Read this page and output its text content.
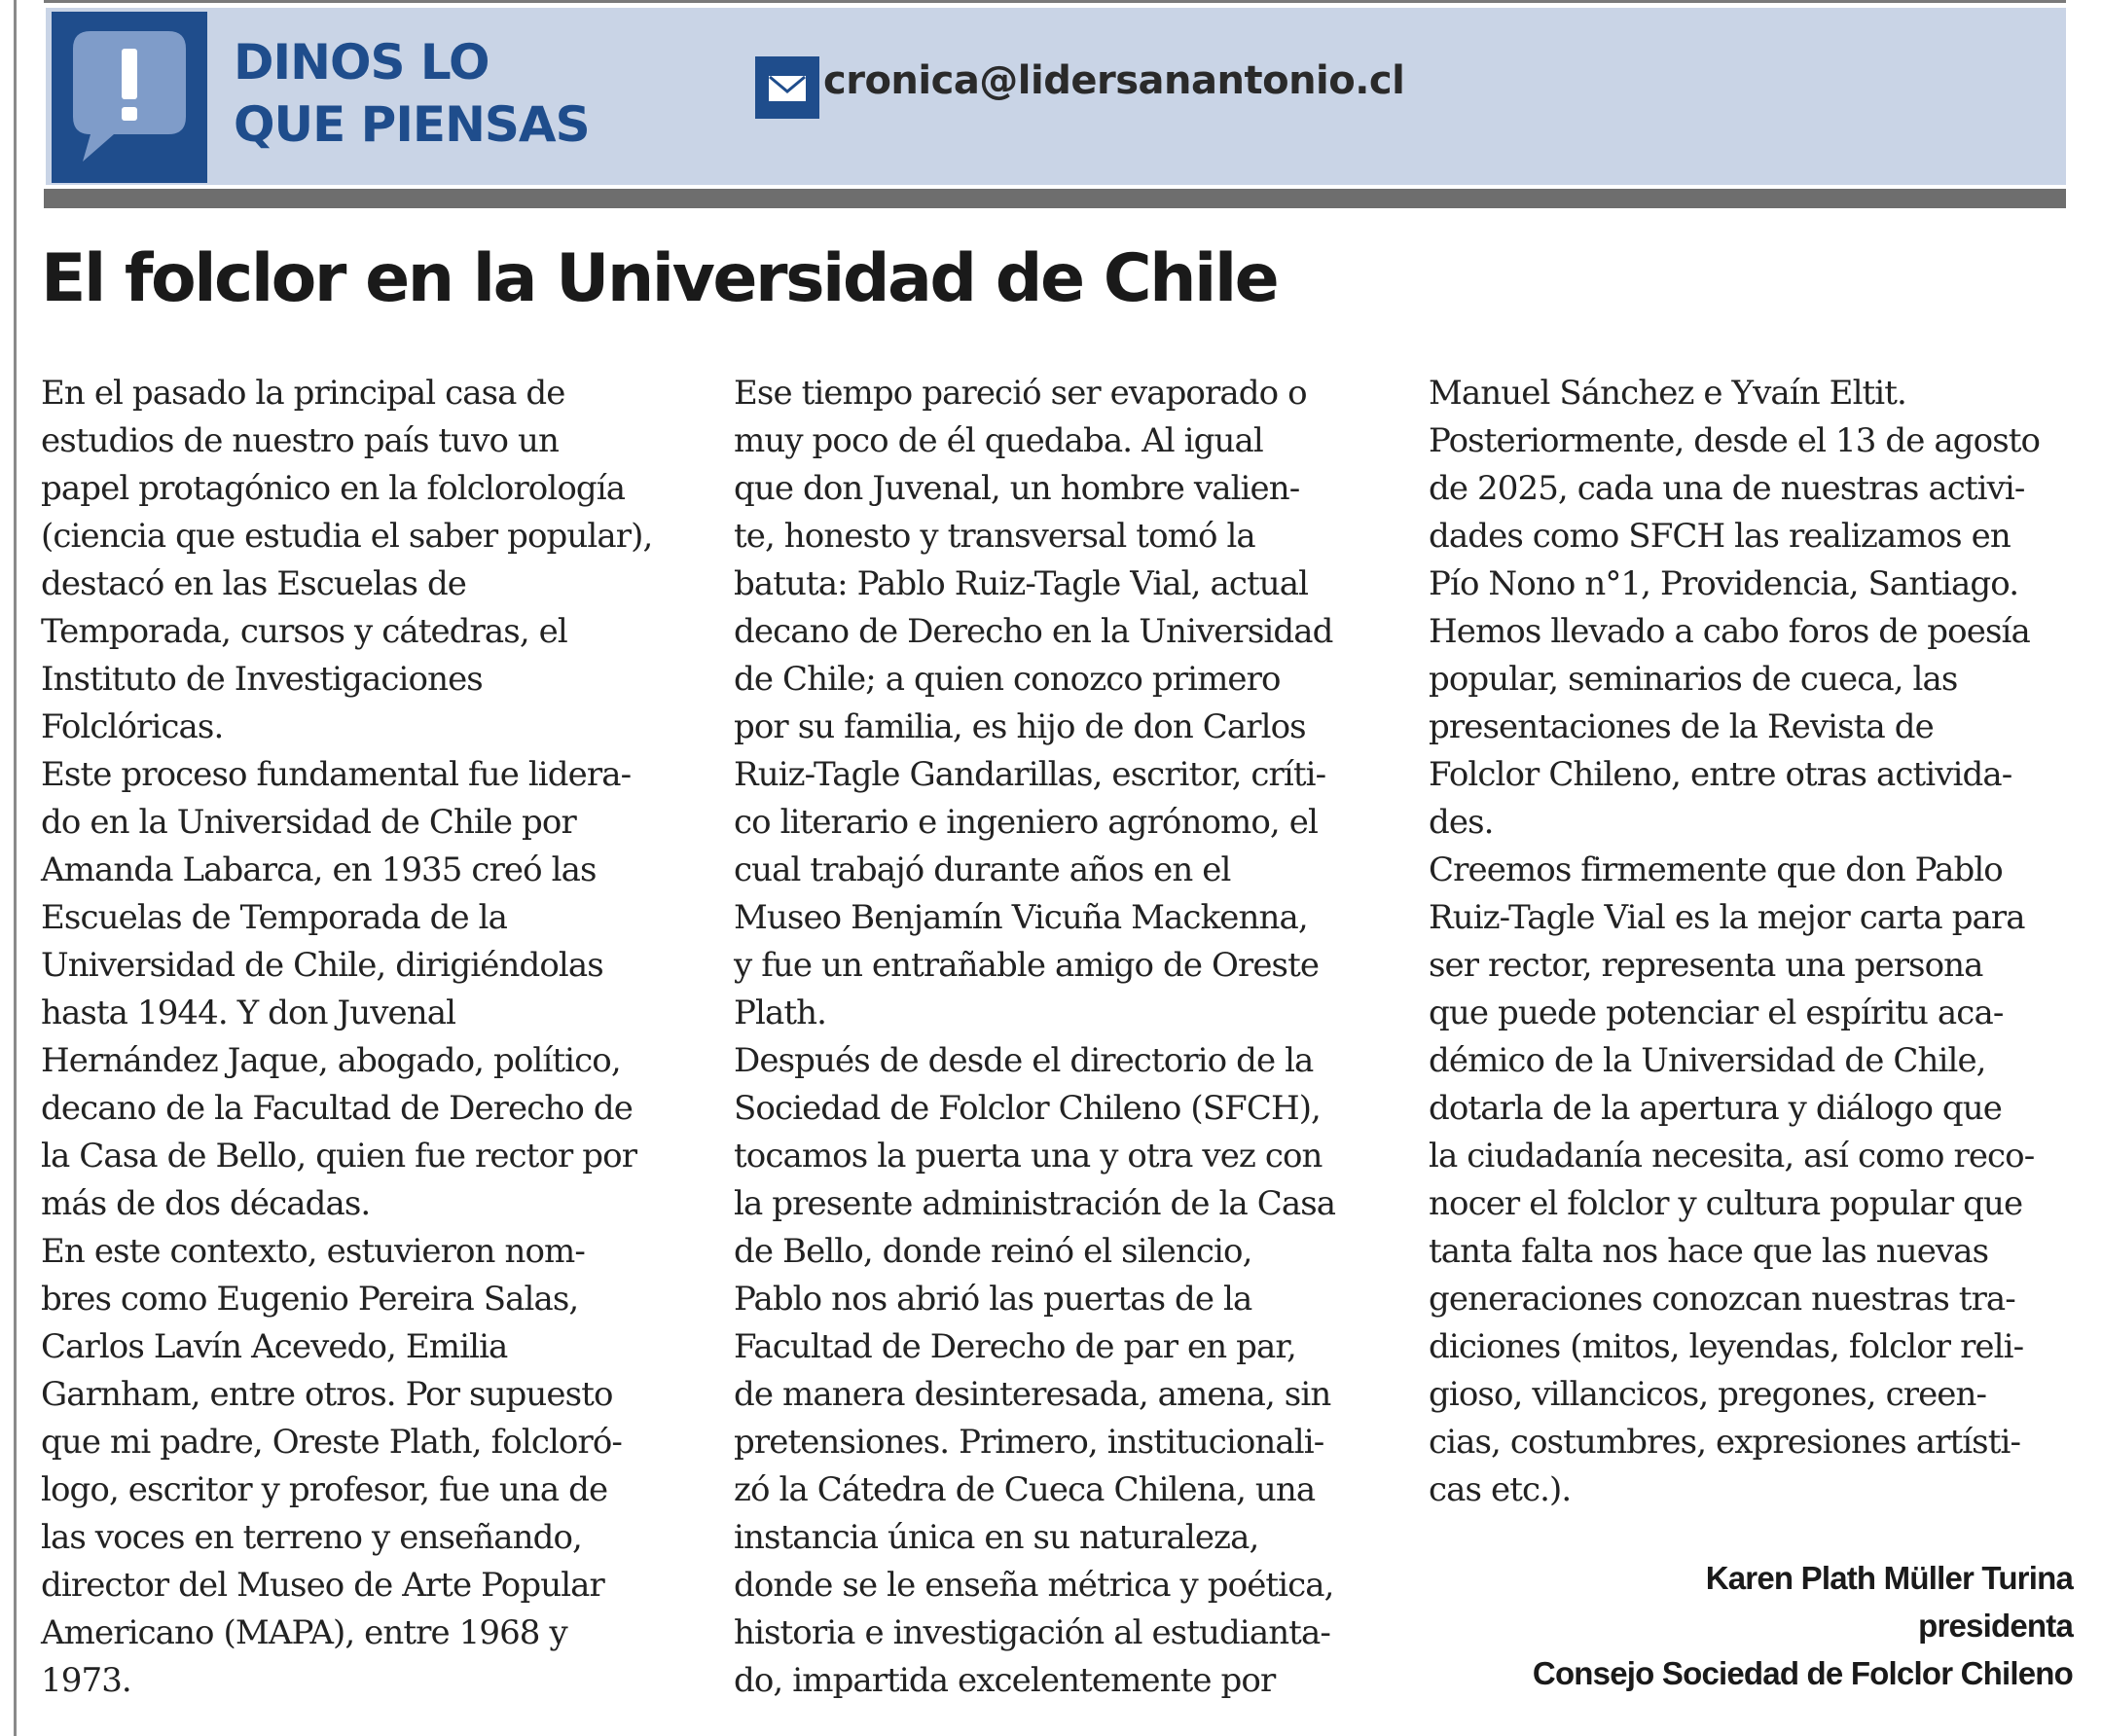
DINOS LO
QUE PIENSAS
cronica@lidersanantonio.cl
El folclor en la Universidad de Chile

En el pasado la principal casa de
estudios de nuestro país tuvo un
papel protagónico en la folclorología
(ciencia que estudia el saber popular),
destacó en las Escuelas de
Temporada, cursos y cátedras, el
Instituto de Investigaciones
Folclóricas.

Este proceso fundamental fue lidera-
do en la Universidad de Chile por
Amanda Labarca, en 1935 creó las
Escuelas de Temporada de la
Universidad de Chile, dirigiéndolas
hasta 1944. Y don Juvenal
Hernández Jaque, abogado, político,
decano de la Facultad de Derecho de
la Casa de Bello, quien fue rector por
más de dos décadas.

En este contexto, estuvieron nom-
bres como Eugenio Pereira Salas,
Carlos Lavín Acevedo, Emilia
Garnham, entre otros. Por supuesto
que mi padre, Oreste Plath, folcloró-
logo, escritor y profesor, fue una de
las voces en terreno y enseñando,
director del Museo de Arte Popular
Americano (MAPA), entre 1968 y
1973.

Ese tiempo pareció ser evaporado o
muy poco de él quedaba. Al igual
que don Juvenal, un hombre valien-
te, honesto y transversal tomó la
batuta: Pablo Ruiz-Tagle Vial, actual
decano de Derecho en la Universidad
de Chile; a quien conozco primero
por su familia, es hijo de don Carlos
Ruiz-Tagle Gandarillas, escritor, críti-
co literario e ingeniero agrónomo, el
cual trabajó durante años en el
Museo Benjamín Vicuña Mackenna,
y fue un entrañable amigo de Oreste
Plath.

Después de desde el directorio de la
Sociedad de Folclor Chileno (SFCH),
tocamos la puerta una y otra vez con
la presente administración de la Casa
de Bello, donde reinó el silencio,
Pablo nos abrió las puertas de la
Facultad de Derecho de par en par,
de manera desinteresada, amena, sin
pretensiones. Primero, institucionali-
zó la Cátedra de Cueca Chilena, una
instancia única en su naturaleza,
donde se le enseña métrica y poética,
historia e investigación al estudianta-
do, impartida excelentemente por

Manuel Sánchez e Yvaín Eltit.
Posteriormente, desde el 13 de agosto
de 2025, cada una de nuestras activi-
dades como SFCH las realizamos en
Pío Nono n°1, Providencia, Santiago.
Hemos llevado a cabo foros de poesía
popular, seminarios de cueca, las
presentaciones de la Revista de
Folclor Chileno, entre otras activida-
des.

Creemos firmemente que don Pablo
Ruiz-Tagle Vial es la mejor carta para
ser rector, representa una persona
que puede potenciar el espíritu aca-
démico de la Universidad de Chile,
dotarla de la apertura y diálogo que
la ciudadanía necesita, así como reco-
nocer el folclor y cultura popular que
tanta falta nos hace que las nuevas
generaciones conozcan nuestras tra-
diciones (mitos, leyendas, folclor reli-
gioso, villancicos, pregones, creen-
cias, costumbres, expresiones artísti-
cas etc.).

Karen Plath Müller Turina
presidenta
Consejo Sociedad de Folclor Chileno
